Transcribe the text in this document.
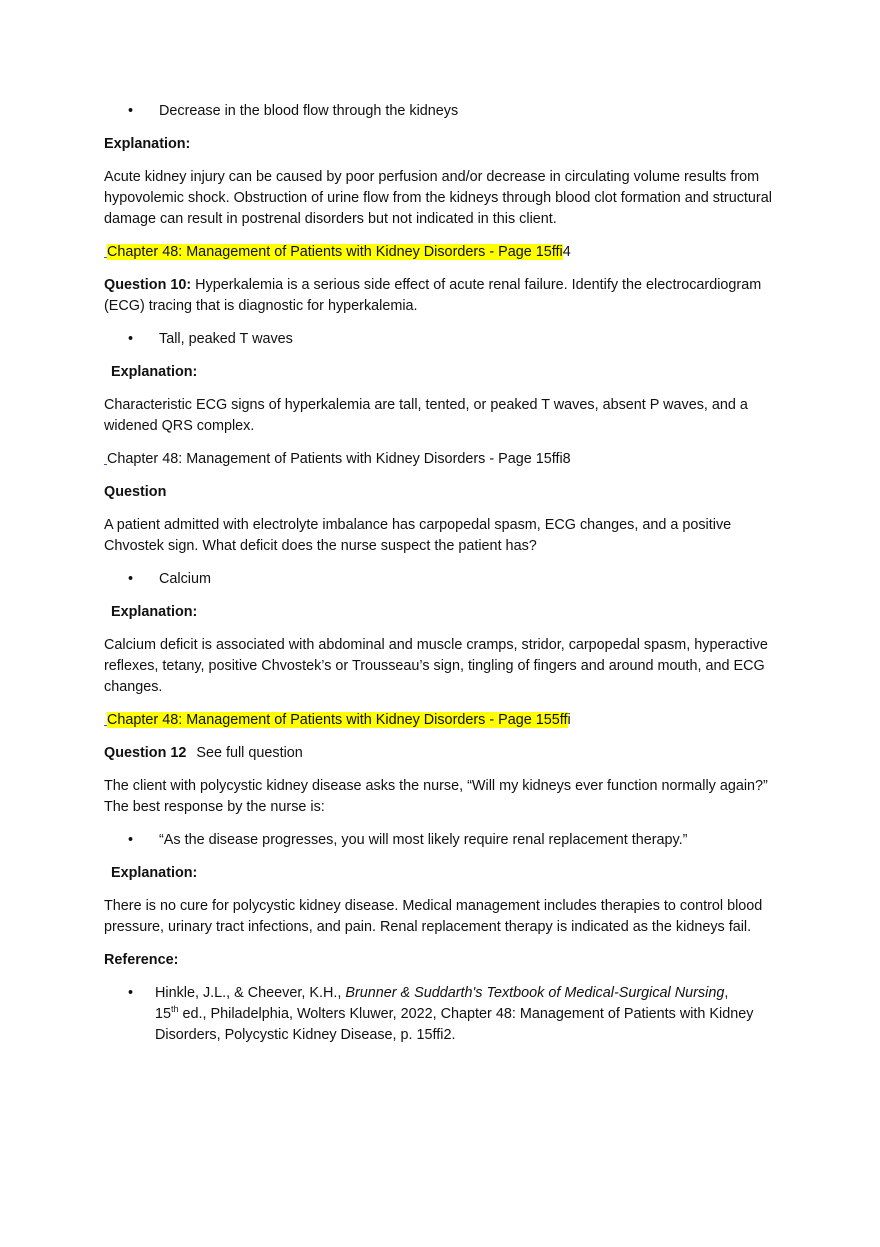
• Decrease in the blood flow through the kidneys
Explanation:
Acute kidney injury can be caused by poor perfusion and/or decrease in circulating volume results from hypovolemic shock. Obstruction of urine flow from the kidneys through blood clot formation and structural damage can result in postrenal disorders but not indicated in this client.
Chapter 48: Management of Patients with Kidney Disorders - Page 15ffi4
Question 10: Hyperkalemia is a serious side effect of acute renal failure. Identify the electrocardiogram (ECG) tracing that is diagnostic for hyperkalemia.
• Tall, peaked T waves
Explanation:
Characteristic ECG signs of hyperkalemia are tall, tented, or peaked T waves, absent P waves, and a widened QRS complex.
Chapter 48: Management of Patients with Kidney Disorders - Page 15ffi8
Question
A patient admitted with electrolyte imbalance has carpopedal spasm, ECG changes, and a positive Chvostek sign. What deficit does the nurse suspect the patient has?
• Calcium
Explanation:
Calcium deficit is associated with abdominal and muscle cramps, stridor, carpopedal spasm, hyperactive reflexes, tetany, positive Chvostek’s or Trousseau’s sign, tingling of fingers and around mouth, and ECG changes.
Chapter 48: Management of Patients with Kidney Disorders - Page 155ffi
Question 12 See full question
The client with polycystic kidney disease asks the nurse, “Will my kidneys ever function normally again?” The best response by the nurse is:
• “As the disease progresses, you will most likely require renal replacement therapy.”
Explanation:
There is no cure for polycystic kidney disease. Medical management includes therapies to control blood pressure, urinary tract infections, and pain. Renal replacement therapy is indicated as the kidneys fail.
Reference:
• Hinkle, J.L., & Cheever, K.H., Brunner & Suddarth's Textbook of Medical-Surgical Nursing,
15th ed., Philadelphia, Wolters Kluwer, 2022, Chapter 48: Management of Patients with Kidney Disorders, Polycystic Kidney Disease, p. 15ffi2.
